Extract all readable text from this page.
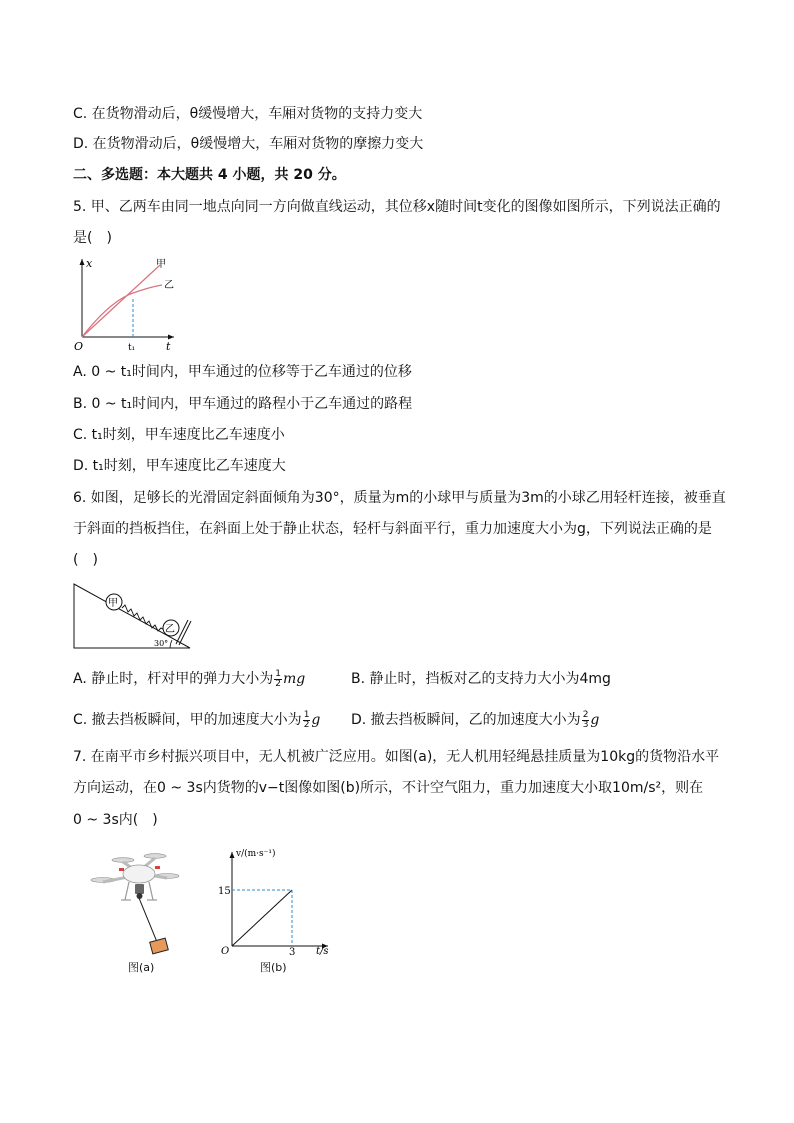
C. 在货物滑动后，θ缓慢增大，车厢对货物的支持力变大
D. 在货物滑动后，θ缓慢增大，车厢对货物的摩擦力变大
二、多选题：本大题共 4 小题，共 20 分。
5. 甲、乙两车由同一地点向同一方向做直线运动，其位移x随时间t变化的图像如图所示，下列说法正确的
是(　)
O
x
t
t₁
甲
乙
A. 0 ~ t₁时间内，甲车通过的位移等于乙车通过的位移
B. 0 ~ t₁时间内，甲车通过的路程小于乙车通过的路程
C. t₁时刻，甲车速度比乙车速度小
D. t₁时刻，甲车速度比乙车速度大
6. 如图，足够长的光滑固定斜面倾角为30°，质量为m的小球甲与质量为3m的小球乙用轻杆连接，被垂直
于斜面的挡板挡住，在斜面上处于静止状态，轻杆与斜面平行，重力加速度大小为g，下列说法正确的是
(　)
甲
乙
30°
A. 静止时，杆对甲的弹力大小为 $\frac{1}{2}$ mg	B. 静止时，挡板对乙的支持力大小为4mg
C. 撤去挡板瞬间，甲的加速度大小为 $\frac{1}{2}$ g D. 撤去挡板瞬间，乙的加速度大小为 $\frac{2}{3}$ g
7. 在南平市乡村振兴项目中，无人机被广泛应用。如图(a)，无人机用轻绳悬挂质量为10kg的货物沿水平
方向运动，在0 ~ 3s内货物的v−t图像如图(b)所示，不计空气阻力，重力加速度大小取10m/s²，则在
0 ~ 3s内(　)
图(a)
v/(m·s⁻¹)
t/s
O
15
3
图(b)
